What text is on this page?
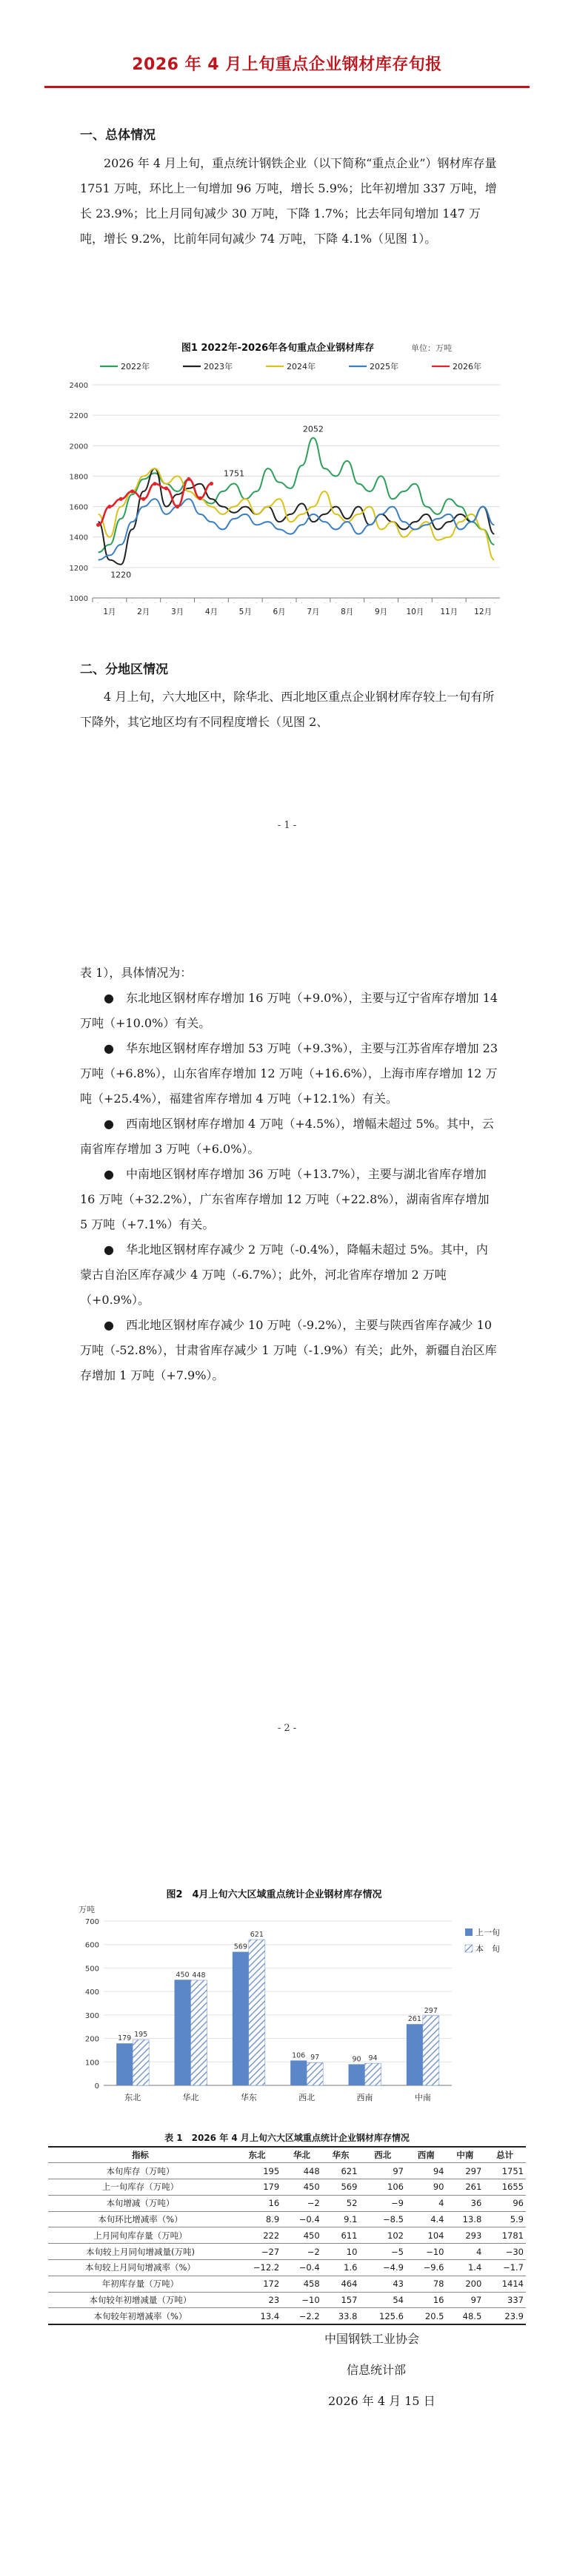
2026 年 4 月上旬重点企业钢材库存旬报
一、总体情况

2026 年 4 月上旬，重点统计钢铁企业（以下简称“重点企业”）钢材库存量 1751 万吨，环比上一旬增加 96 万吨，增长 5.9%；比年初增加 337 万吨，增长 23.9%；比上月同旬减少 30 万吨，下降 1.7%；比去年同旬增加 147 万吨，增长 9.2%，比前年同旬减少 74 万吨，下降 4.1%（见图 1）。

图1 2022年-2026年各旬重点企业钢材库存	单位：万吨
2022年	2023年	2024年	2025年	2026年
1000
1200
1400
1600
1800
2000
2200
2400
1月
· · ·
2月
· · ·
3月
· · ·
4月
· · ·
5月
· · ·
6月
· · ·
7月
· · ·
8月
· · ·
9月
· · ·
10月
· · ·
11月
· · ·
12月
· · ·
1751
2052
1220
二、分地区情况

4 月上旬，六大地区中，除华北、西北地区重点企业钢材库存较上一旬有所下降外，其它地区均有不同程度增长（见图 2、

- 1 -

表 1），具体情况为：

●　东北地区钢材库存增加 16 万吨（+9.0%），主要与辽宁省库存增加 14 万吨（+10.0%）有关。

●　华东地区钢材库存增加 53 万吨（+9.3%），主要与江苏省库存增加 23 万吨（+6.8%），山东省库存增加 12 万吨（+16.6%），上海市库存增加 12 万吨（+25.4%），福建省库存增加 4 万吨（+12.1%）有关。

●　西南地区钢材库存增加 4 万吨（+4.5%），增幅未超过 5%。其中，云南省库存增加 3 万吨（+6.0%）。

●　中南地区钢材库存增加 36 万吨（+13.7%），主要与湖北省库存增加 16 万吨（+32.2%），广东省库存增加 12 万吨（+22.8%），湖南省库存增加 5 万吨（+7.1%）有关。

●　华北地区钢材库存减少 2 万吨（-0.4%），降幅未超过 5%。其中，内蒙古自治区库存减少 4 万吨（-6.7%）；此外，河北省库存增加 2 万吨（+0.9%）。

●　西北地区钢材库存减少 10 万吨（-9.2%），主要与陕西省库存减少 10 万吨（-52.8%），甘肃省库存减少 1 万吨（-1.9%）有关；此外，新疆自治区库存增加 1 万吨（+7.9%）。

- 2 -
图2　4月上旬六大区域重点统计企业钢材库存情况
万吨
0
100
200
300
400
500
600
700
179 195
东北
450 448
华北
569
621
华东
106 97
西北
90 94
西南
261
297
中南
上一旬
本　旬
表 1　2026 年 4 月上旬六大区域重点统计企业钢材库存情况
指标	东北	华北	华东	西北	西南	中南	总计
本旬库存（万吨）	195	448	621	97	94	297	1751
上一旬库存（万吨）	179	450	569	106	90	261	1655
本旬增减（万吨）	16	−2	52	−9	4	36	96
本旬环比增减率（%）	8.9	−0.4	9.1	−8.5	4.4	13.8	5.9
上月同旬库存量（万吨）	222	450	611	102	104	293	1781
本旬较上月同旬增减量(万吨)	−27	−2	10	−5	−10	4	−30
本旬较上月同旬增减率（%）	−12.2	−0.4	1.6	−4.9	−9.6	1.4	−1.7
年初库存量（万吨）	172	458	464	43	78	200	1414
本旬较年初增减量（万吨）	23	−10	157	54	16	97	337
本旬较年初增减率（%）	13.4	−2.2	33.8	125.6	20.5	48.5	23.9
中国钢铁工业协会
信息统计部
2026 年 4 月 15 日
